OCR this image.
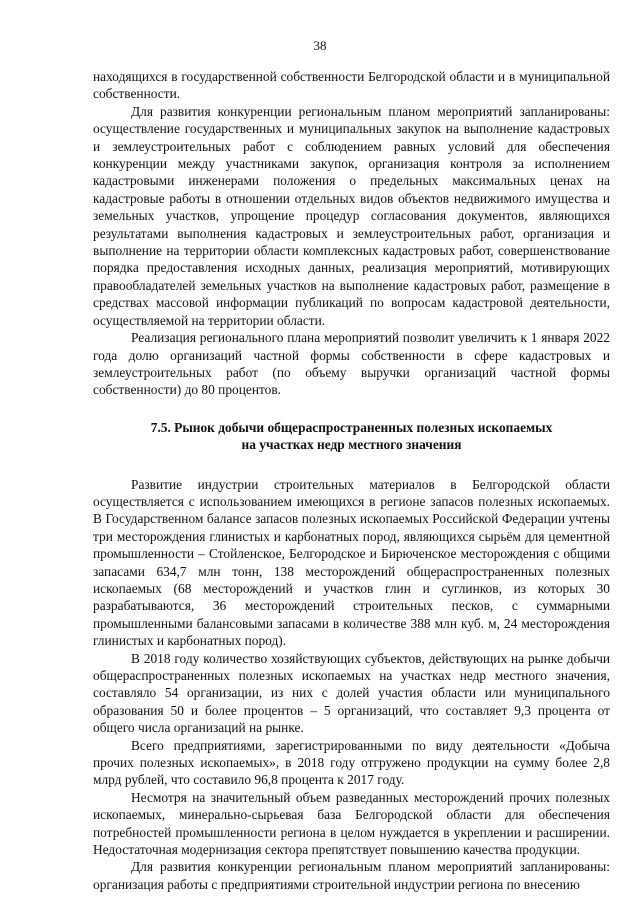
38

находящихся в государственной собственности Белгородской области и в муниципальной собственности.

Для развития конкуренции региональным планом мероприятий запланированы: осуществление государственных и муниципальных закупок на выполнение кадастровых и землеустроительных работ с соблюдением равных условий для обеспечения конкуренции между участниками закупок, организация контроля за исполнением кадастровыми инженерами положения о предельных максимальных ценах на кадастровые работы в отношении отдельных видов объектов недвижимого имущества и земельных участков, упрощение процедур согласования документов, являющихся результатами выполнения кадастровых и землеустроительных работ, организация и выполнение на территории области комплексных кадастровых работ, совершенствование порядка предоставления исходных данных, реализация мероприятий, мотивирующих правообладателей земельных участков на выполнение кадастровых работ, размещение в средствах массовой информации публикаций по вопросам кадастровой деятельности, осуществляемой на территории области.

Реализация регионального плана мероприятий позволит увеличить к 1 января 2022 года долю организаций частной формы собственности в сфере кадастровых и землеустроительных работ (по объему выручки организаций частной формы собственности) до 80 процентов.

7.5. Рынок добычи общераспространенных полезных ископаемых
на участках недр местного значения

Развитие индустрии строительных материалов в Белгородской области осуществляется с использованием имеющихся в регионе запасов полезных ископаемых. В Государственном балансе запасов полезных ископаемых Российской Федерации учтены три месторождения глинистых и карбонатных пород, являющихся сырьём для цементной промышленности – Стойленское, Белгородское и Бирюченское месторождения с общими запасами 634,7 млн тонн, 138 месторождений общераспространенных полезных ископаемых (68 месторождений и участков глин и суглинков, из которых 30 разрабатываются, 36 месторождений строительных песков, с суммарными промышленными балансовыми запасами в количестве 388 млн куб. м, 24 месторождения глинистых и карбонатных пород).

В 2018 году количество хозяйствующих субъектов, действующих на рынке добычи общераспространенных полезных ископаемых на участках недр местного значения, составляло 54 организации, из них с долей участия области или муниципального образования 50 и более процентов – 5 организаций, что составляет 9,3 процента от общего числа организаций на рынке.

Всего предприятиями, зарегистрированными по виду деятельности «Добыча прочих полезных ископаемых», в 2018 году отгружено продукции на сумму более 2,8 млрд рублей, что составило 96,8 процента к 2017 году.

Несмотря на значительный объем разведанных месторождений прочих полезных ископаемых, минерально-сырьевая база Белгородской области для обеспечения потребностей промышленности региона в целом нуждается в укреплении и расширении. Недостаточная модернизация сектора препятствует повышению качества продукции.

Для развития конкуренции региональным планом мероприятий запланированы: организация работы с предприятиями строительной индустрии региона по внесению
